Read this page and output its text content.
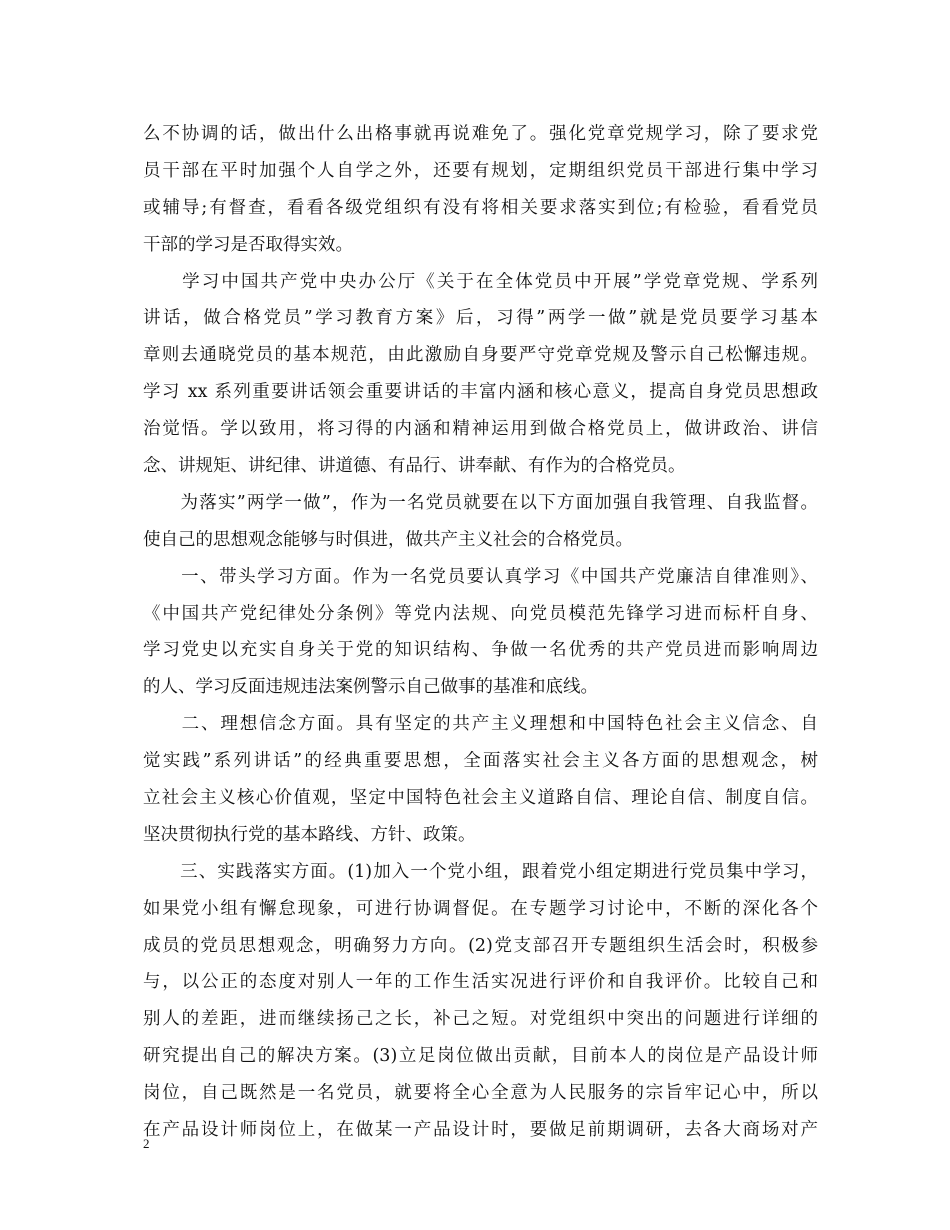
么不协调的话，做出什么出格事就再说难免了。强化党章党规学习，除了要求党
员干部在平时加强个人自学之外，还要有规划，定期组织党员干部进行集中学习
或辅导;有督查，看看各级党组织有没有将相关要求落实到位;有检验，看看党员
干部的学习是否取得实效。
　　学习中国共产党中央办公厅《关于在全体党员中开展”学党章党规、学系列
讲话，做合格党员”学习教育方案》后，习得”两学一做”就是党员要学习基本
章则去通晓党员的基本规范，由此激励自身要严守党章党规及警示自己松懈违规。
学习 xx 系列重要讲话领会重要讲话的丰富内涵和核心意义，提高自身党员思想政
治觉悟。学以致用，将习得的内涵和精神运用到做合格党员上，做讲政治、讲信
念、讲规矩、讲纪律、讲道德、有品行、讲奉献、有作为的合格党员。
　　为落实”两学一做”，作为一名党员就要在以下方面加强自我管理、自我监督。
使自己的思想观念能够与时俱进，做共产主义社会的合格党员。
　　一、带头学习方面。作为一名党员要认真学习《中国共产党廉洁自律准则》、
《中国共产党纪律处分条例》等党内法规、向党员模范先锋学习进而标杆自身、
学习党史以充实自身关于党的知识结构、争做一名优秀的共产党员进而影响周边
的人、学习反面违规违法案例警示自己做事的基准和底线。
　　二、理想信念方面。具有坚定的共产主义理想和中国特色社会主义信念、自
觉实践”系列讲话”的经典重要思想，全面落实社会主义各方面的思想观念，树
立社会主义核心价值观，坚定中国特色社会主义道路自信、理论自信、制度自信。
坚决贯彻执行党的基本路线、方针、政策。
　　三、实践落实方面。(1)加入一个党小组，跟着党小组定期进行党员集中学习，
如果党小组有懈怠现象，可进行协调督促。在专题学习讨论中，不断的深化各个
成员的党员思想观念，明确努力方向。(2)党支部召开专题组织生活会时，积极参
与，以公正的态度对别人一年的工作生活实况进行评价和自我评价。比较自己和
别人的差距，进而继续扬己之长，补己之短。对党组织中突出的问题进行详细的
研究提出自己的解决方案。(3)立足岗位做出贡献，目前本人的岗位是产品设计师
岗位，自己既然是一名党员，就要将全心全意为人民服务的宗旨牢记心中，所以
在产品设计师岗位上，在做某一产品设计时，要做足前期调研，去各大商场对产
2
